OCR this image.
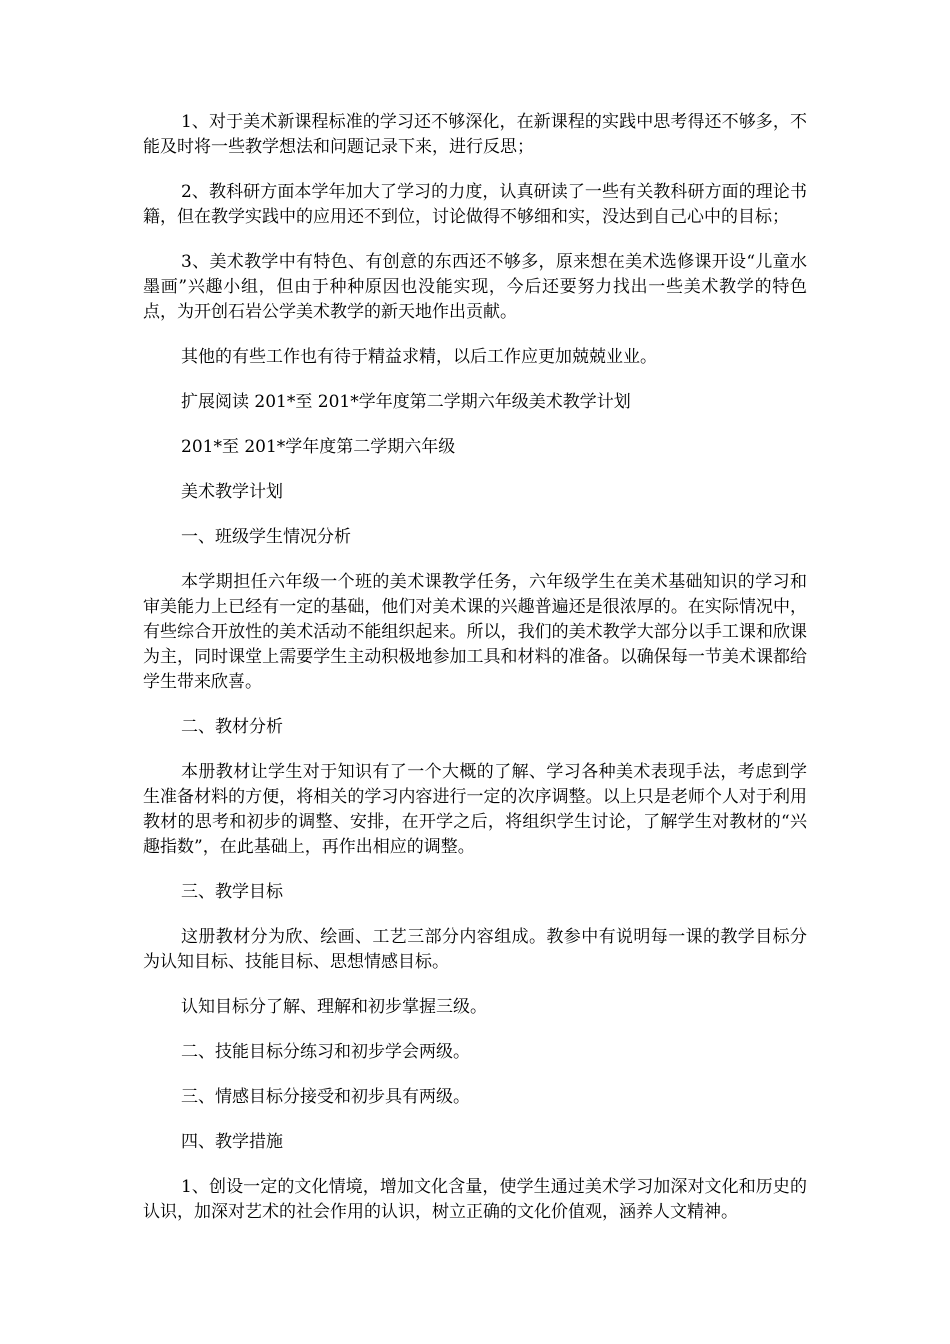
1、对于美术新课程标准的学习还不够深化，在新课程的实践中思考得还不够多，不能及时将一些教学想法和问题记录下来，进行反思；

2、教科研方面本学年加大了学习的力度，认真研读了一些有关教科研方面的理论书籍，但在教学实践中的应用还不到位，讨论做得不够细和实，没达到自己心中的目标；

3、美术教学中有特色、有创意的东西还不够多，原来想在美术选修课开设“儿童水墨画”兴趣小组，但由于种种原因也没能实现，今后还要努力找出一些美术教学的特色点，为开创石岩公学美术教学的新天地作出贡献。

其他的有些工作也有待于精益求精，以后工作应更加兢兢业业。

扩展阅读 201*至 201*学年度第二学期六年级美术教学计划

201*至 201*学年度第二学期六年级

美术教学计划

一、班级学生情况分析

本学期担任六年级一个班的美术课教学任务，六年级学生在美术基础知识的学习和审美能力上已经有一定的基础，他们对美术课的兴趣普遍还是很浓厚的。在实际情况中，有些综合开放性的美术活动不能组织起来。所以，我们的美术教学大部分以手工课和欣课为主，同时课堂上需要学生主动积极地参加工具和材料的准备。以确保每一节美术课都给学生带来欣喜。

二、教材分析

本册教材让学生对于知识有了一个大概的了解、学习各种美术表现手法，考虑到学生准备材料的方便，将相关的学习内容进行一定的次序调整。以上只是老师个人对于利用教材的思考和初步的调整、安排，在开学之后，将组织学生讨论，了解学生对教材的“兴趣指数”，在此基础上，再作出相应的调整。

三、教学目标

这册教材分为欣、绘画、工艺三部分内容组成。教参中有说明每一课的教学目标分为认知目标、技能目标、思想情感目标。

认知目标分了解、理解和初步掌握三级。

二、技能目标分练习和初步学会两级。

三、情感目标分接受和初步具有两级。

四、教学措施

1、创设一定的文化情境，增加文化含量，使学生通过美术学习加深对文化和历史的认识，加深对艺术的社会作用的认识，树立正确的文化价值观，涵养人文精神。
